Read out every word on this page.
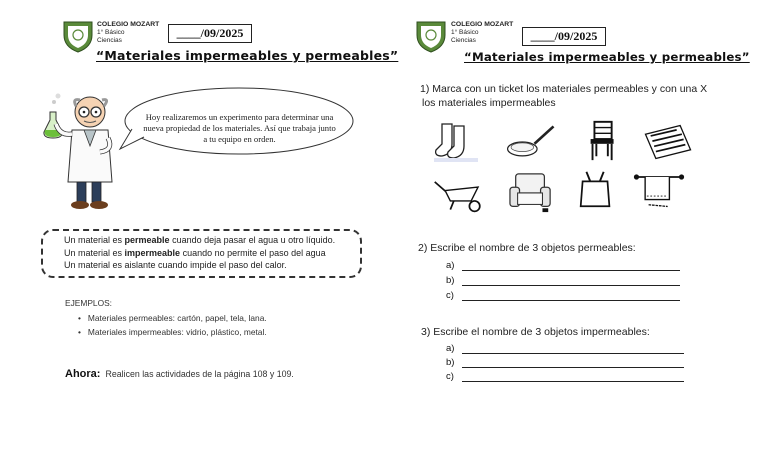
COLEGIO MOZART
1° Básico
Ciencias
____/09/2025
“Materiales impermeables y permeables”
Hoy realizaremos un experimento para determinar una nueva propiedad de los materiales. Así que trabaja junto a tu equipo en orden.
Un material es permeable cuando deja pasar el agua u otro líquido.
Un material es impermeable cuando no permite el paso del agua
Un material es aislante cuando impide el paso del calor.
EJEMPLOS:
•   Materiales permeables: cartón, papel, tela, lana.
•   Materiales impermeables: vidrio, plástico, metal.
Ahora: Realicen las actividades de la página 108 y 109.
COLEGIO MOZART
1° Básico
Ciencias	____/09/2025
“Materiales impermeables y permeables”
1) Marca con un ticket los materiales permeables y con una X
los materiales impermeables
2) Escribe el nombre de 3 objetos permeables:
a)
b)
c)
3) Escribe el nombre de 3 objetos impermeables:
a)
b)
c)
